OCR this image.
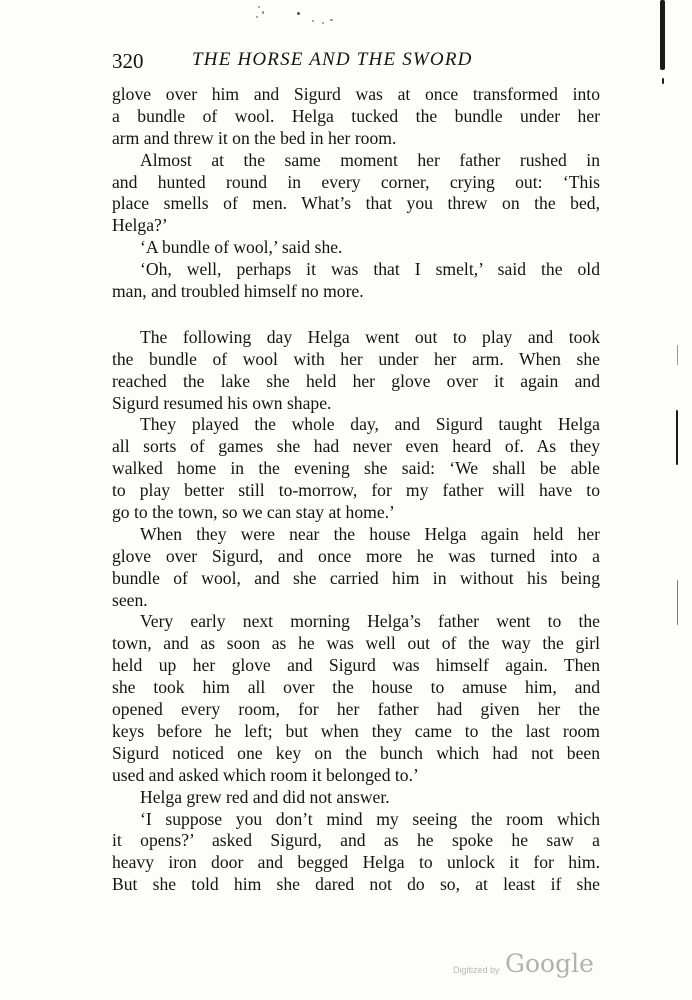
320	THE HORSE AND THE SWORD
glove over him and Sigurd was at once transformed into
a bundle of wool. Helga tucked the bundle under her
arm and threw it on the bed in her room.
Almost at the same moment her father rushed in
and hunted round in every corner, crying out: ‘This
place smells of men. What’s that you threw on the bed,
Helga?’
‘A bundle of wool,’ said she.
‘Oh, well, perhaps it was that I smelt,’ said the old
man, and troubled himself no more.
The following day Helga went out to play and took
the bundle of wool with her under her arm. When she
reached the lake she held her glove over it again and
Sigurd resumed his own shape.
They played the whole day, and Sigurd taught Helga
all sorts of games she had never even heard of. As they
walked home in the evening she said: ‘We shall be able
to play better still to-morrow, for my father will have to
go to the town, so we can stay at home.’
When they were near the house Helga again held her
glove over Sigurd, and once more he was turned into a
bundle of wool, and she carried him in without his being
seen.
Very early next morning Helga’s father went to the
town, and as soon as he was well out of the way the girl
held up her glove and Sigurd was himself again. Then
she took him all over the house to amuse him, and
opened every room, for her father had given her the
keys before he left; but when they came to the last room
Sigurd noticed one key on the bunch which had not been
used and asked which room it belonged to.’
Helga grew red and did not answer.
‘I suppose you don’t mind my seeing the room which
it opens?’ asked Sigurd, and as he spoke he saw a
heavy iron door and begged Helga to unlock it for him.
But she told him she dared not do so, at least if she
Digitized by Google
